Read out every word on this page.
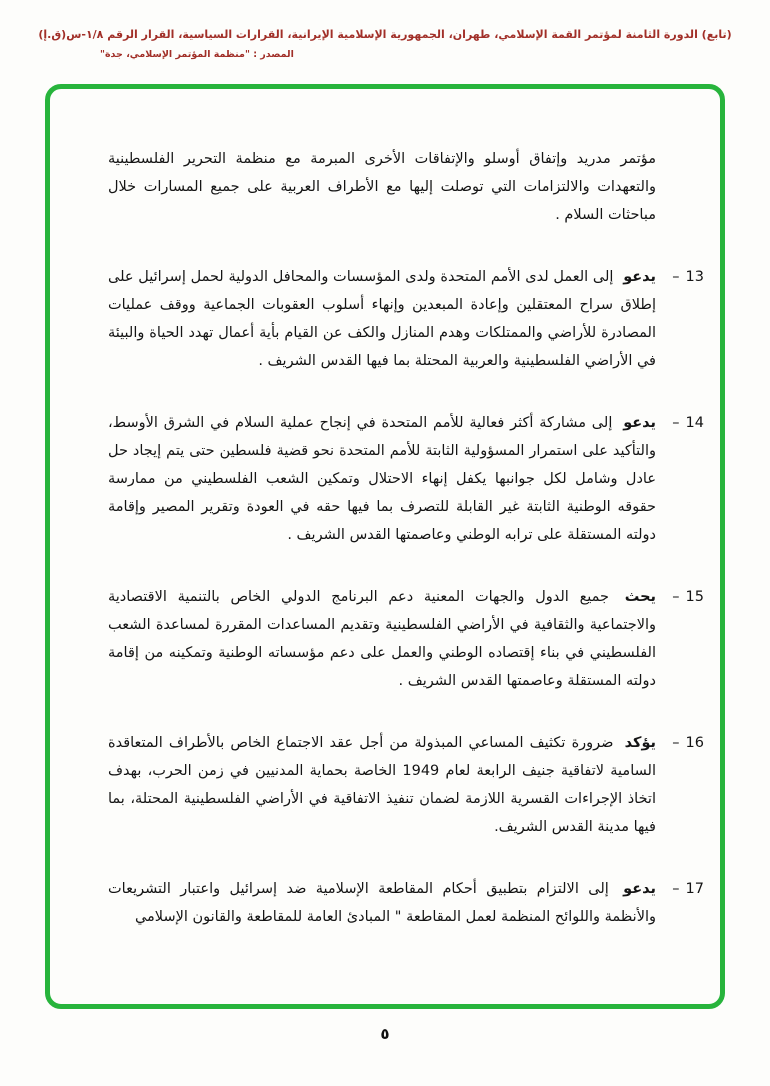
(تابع) الدورة الثامنة لمؤتمر القمة الإسلامي، طهران، الجمهورية الإسلامية الإيرانية، القرارات السياسية، القرار الرقم ١/٨-س(ق.إ)
المصدر : "منظمة المؤتمر الإسلامي، جدة"

مؤتمر مدريد وإتفاق أوسلو والإتفاقات الأخرى المبرمة مع منظمة التحرير الفلسطينية والتعهدات والالتزامات التي توصلت إليها مع الأطراف العربية على جميع المسارات خلال مباحثات السلام .

– 13

يدعو إلى العمل لدى الأمم المتحدة ولدى المؤسسات والمحافل الدولية لحمل إسرائيل على إطلاق سراح المعتقلين وإعادة المبعدين وإنهاء أسلوب العقوبات الجماعية ووقف عمليات المصادرة للأراضي والممتلكات وهدم المنازل والكف عن القيام بأية أعمال تهدد الحياة والبيئة في الأراضي الفلسطينية والعربية المحتلة بما فيها القدس الشريف .

– 14

يدعو إلى مشاركة أكثر فعالية للأمم المتحدة في إنجاح عملية السلام في الشرق الأوسط، والتأكيد على استمرار المسؤولية الثابتة للأمم المتحدة نحو قضية فلسطين حتى يتم إيجاد حل عادل وشامل لكل جوانبها يكفل إنهاء الاحتلال وتمكين الشعب الفلسطيني من ممارسة حقوقه الوطنية الثابتة غير القابلة للتصرف بما فيها حقه في العودة وتقرير المصير وإقامة دولته المستقلة على ترابه الوطني وعاصمتها القدس الشريف .

– 15

يحث جميع الدول والجهات المعنية دعم البرنامج الدولي الخاص بالتنمية الاقتصادية والاجتماعية والثقافية في الأراضي الفلسطينية وتقديم المساعدات المقررة لمساعدة الشعب الفلسطيني في بناء إقتصاده الوطني والعمل على دعم مؤسساته الوطنية وتمكينه من إقامة دولته المستقلة وعاصمتها القدس الشريف .

– 16

يؤكد ضرورة تكثيف المساعي المبذولة من أجل عقد الاجتماع الخاص بالأطراف المتعاقدة السامية لاتفاقية جنيف الرابعة لعام 1949 الخاصة بحماية المدنيين في زمن الحرب، بهدف اتخاذ الإجراءات القسرية اللازمة لضمان تنفيذ الاتفاقية في الأراضي الفلسطينية المحتلة، بما فيها مدينة القدس الشريف.

– 17

يدعو إلى الالتزام بتطبيق أحكام المقاطعة الإسلامية ضد إسرائيل واعتبار التشريعات والأنظمة واللوائح المنظمة لعمل المقاطعة " المبادئ العامة للمقاطعة والقانون الإسلامي

٥
